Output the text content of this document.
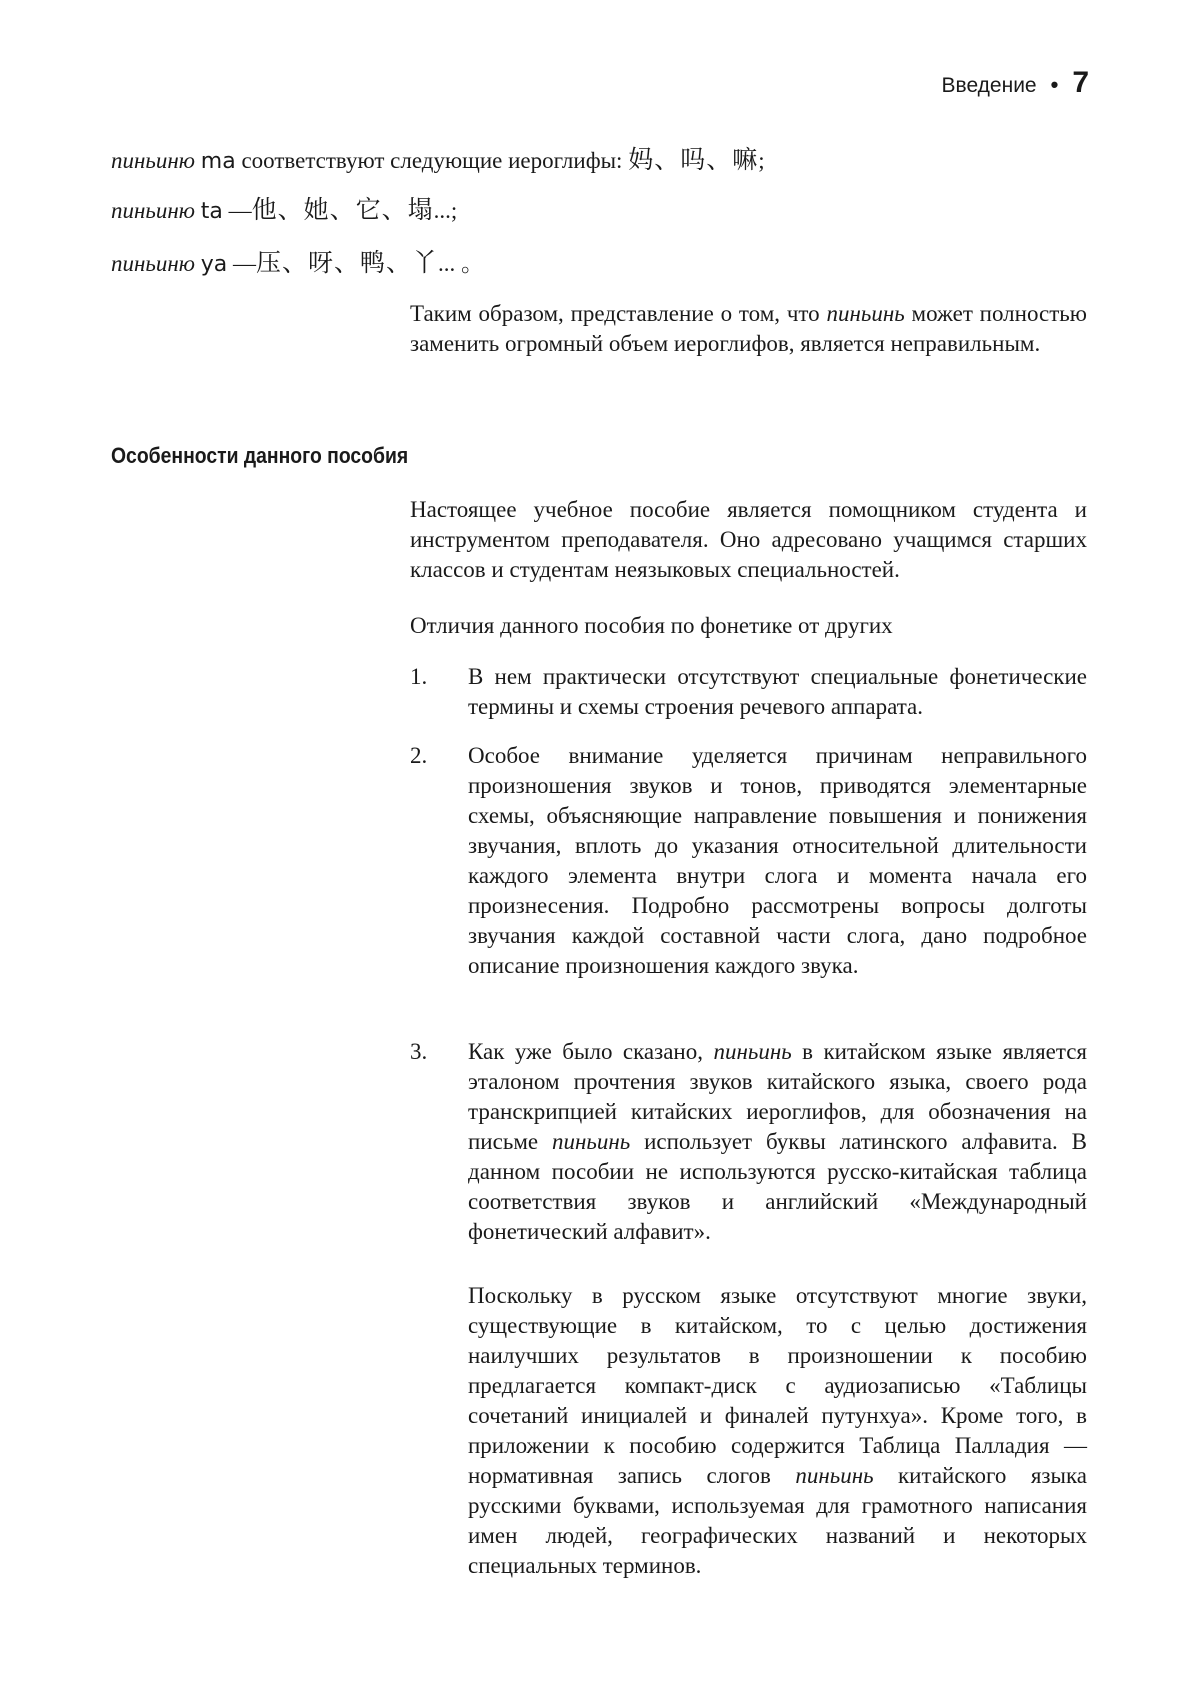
Введение • 7
пиньиню ma соответствуют следующие иероглифы: 妈、吗、嘛;
пиньиню ta —他、她、它、塌...;
пиньиню ya —压、呀、鸭、丫... 。

Таким образом, представление о том, что пиньинь может полностью заменить огромный объем иероглифов, является неправильным.

Особенности данного пособия

Настоящее учебное пособие является помощником студента и инструментом преподавателя. Оно адресовано учащимся старших классов и студентам неязыковых специальностей.

Отличия данного пособия по фонетике от других

1. В нем практически отсутствуют специальные фонетические термины и схемы строения речевого аппарата.

2. Особое внимание уделяется причинам неправильного произношения звуков и тонов, приводятся элементарные схемы, объясняющие направление повышения и понижения звучания, вплоть до указания относительной длительности каждого элемента внутри слога и момента начала его произнесения. Подробно рассмотрены вопросы долготы звучания каждой составной части слога, дано подробное описание произношения каждого звука.

3. Как уже было сказано, пиньинь в китайском языке является эталоном прочтения звуков китайского языка, своего рода транскрипцией китайских иероглифов, для обозначения на письме пиньинь использует буквы латинского алфавита. В данном пособии не используются русско-китайская таблица соответствия звуков и английский «Международный фонетический алфавит».

Поскольку в русском языке отсутствуют многие звуки, существующие в китайском, то с целью достижения наилучших результатов в произношении к пособию предлагается компакт-диск с аудиозаписью «Таблицы сочетаний инициалей и финалей путунхуа». Кроме того, в приложении к пособию содержится Таблица Палладия — нормативная запись слогов пиньинь китайского языка русскими буквами, используемая для грамотного написания имен людей, географических названий и некоторых специальных терминов.
